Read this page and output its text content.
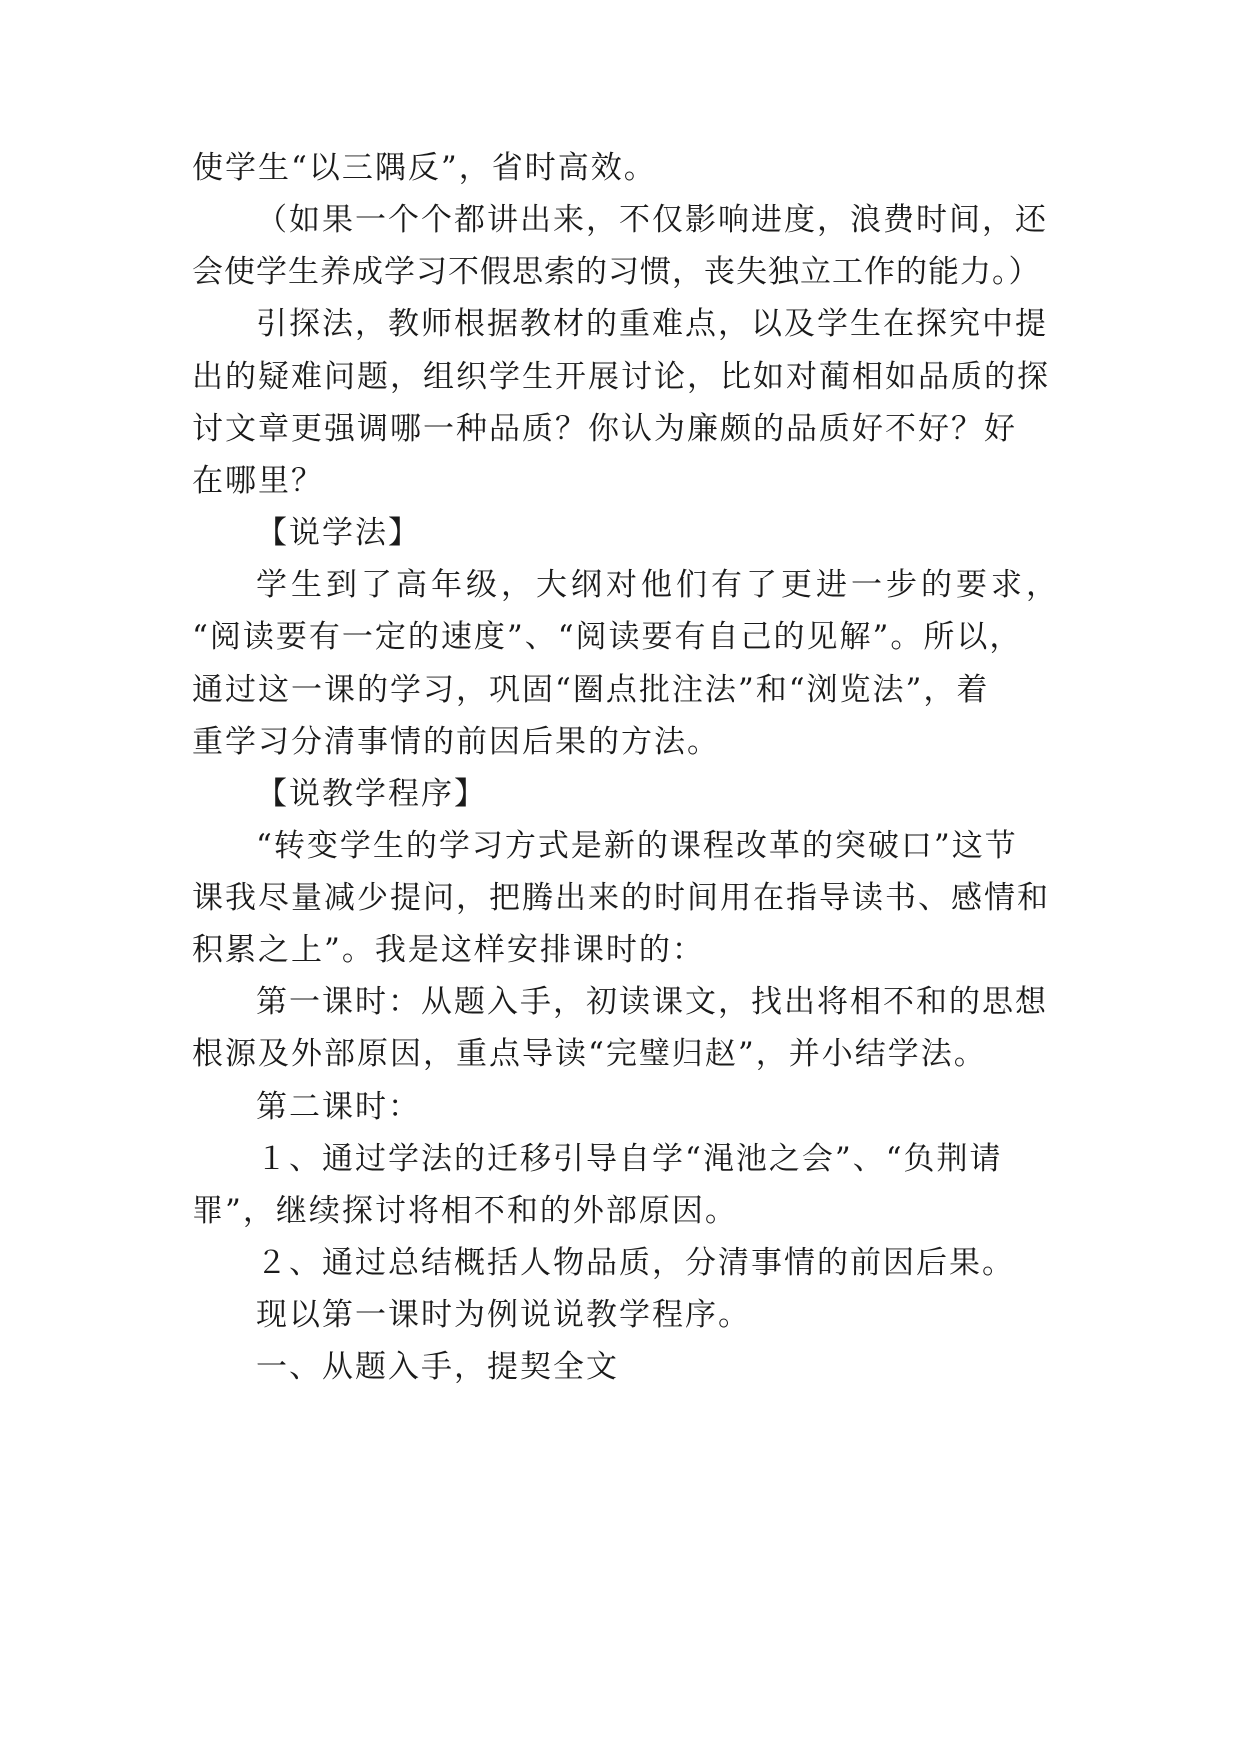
使学生“以三隅反”，省时高效。

（如果一个个都讲出来，不仅影响进度，浪费时间，还

会使学生养成学习不假思索的习惯，丧失独立工作的能力。）

引探法，教师根据教材的重难点，以及学生在探究中提

出的疑难问题，组织学生开展讨论，比如对蔺相如品质的探

讨文章更强调哪一种品质？你认为廉颇的品质好不好？好

在哪里？

【说学法】

学生到了高年级，大纲对他们有了更进一步的要求，

“阅读要有一定的速度”、“阅读要有自己的见解”。所以，

通过这一课的学习，巩固“圈点批注法”和“浏览法”，着

重学习分清事情的前因后果的方法。

【说教学程序】

“转变学生的学习方式是新的课程改革的突破口”这节

课我尽量减少提问，把腾出来的时间用在指导读书、感情和

积累之上”。我是这样安排课时的：

第一课时：从题入手，初读课文，找出将相不和的思想

根源及外部原因，重点导读“完璧归赵”，并小结学法。

第二课时：

１、通过学法的迁移引导自学“渑池之会”、“负荆请

罪”，继续探讨将相不和的外部原因。

２、通过总结概括人物品质，分清事情的前因后果。

现以第一课时为例说说教学程序。

一、从题入手，提契全文
